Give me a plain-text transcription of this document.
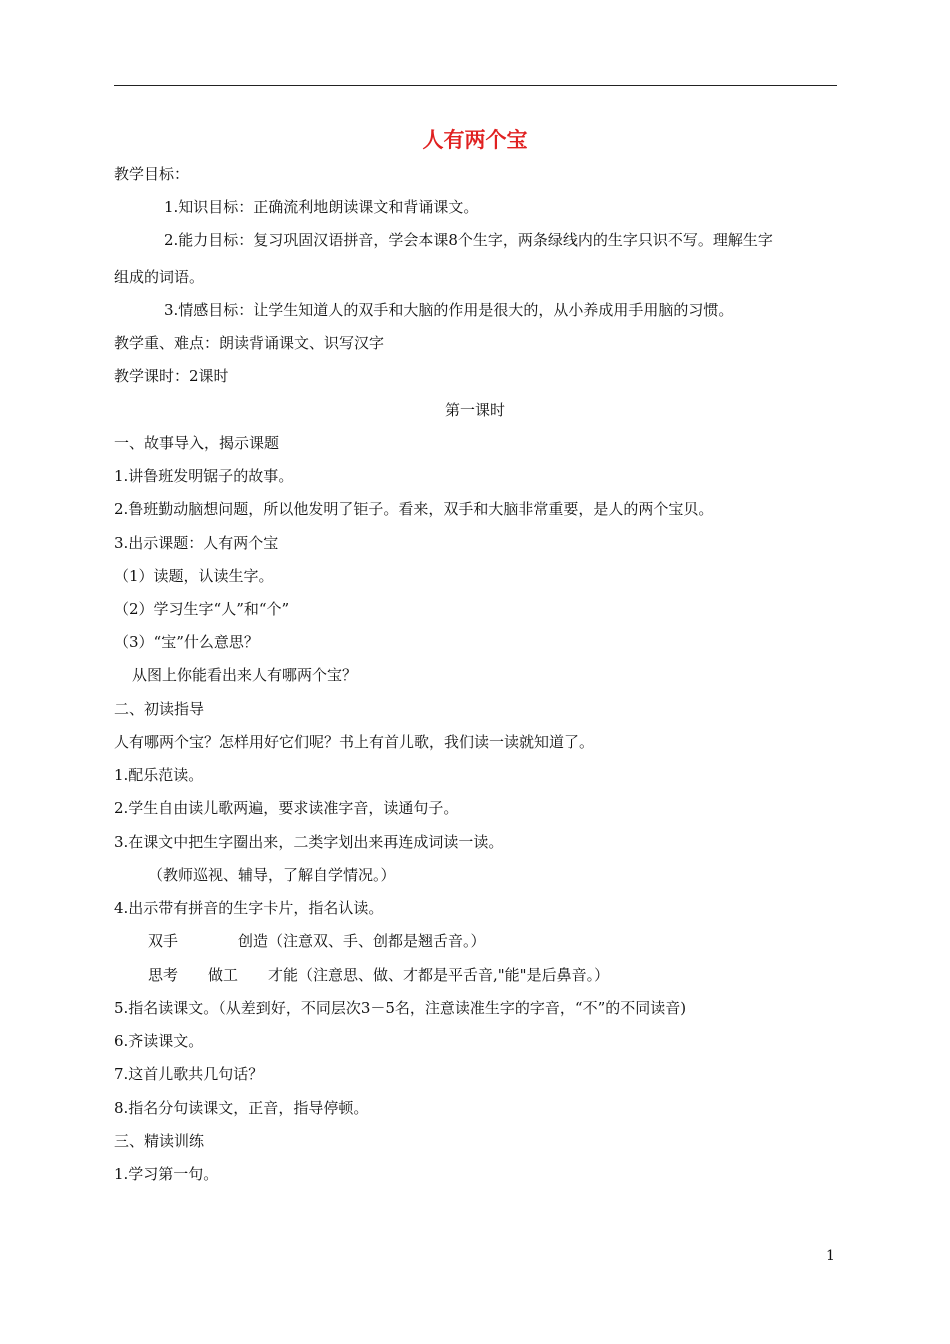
人有两个宝
教学目标：
1.知识目标：正确流利地朗读课文和背诵课文。
2.能力目标：复习巩固汉语拼音，学会本课8个生字，两条绿线内的生字只识不写。理解生字
组成的词语。
3.情感目标：让学生知道人的双手和大脑的作用是很大的，从小养成用手用脑的习惯。
教学重、难点：朗读背诵课文、识写汉字
教学课时：2课时
第一课时
一、故事导入，揭示课题
1.讲鲁班发明锯子的故事。
2.鲁班勤动脑想问题，所以他发明了钜子。看来，双手和大脑非常重要，是人的两个宝贝。
3.出示课题：人有两个宝
（1）读题，认读生字。
（2）学习生字“人”和“个”
（3）“宝”什么意思？
从图上你能看出来人有哪两个宝？
二、初读指导
人有哪两个宝？怎样用好它们呢？书上有首儿歌，我们读一读就知道了。
1.配乐范读。
2.学生自由读儿歌两遍，要求读准字音，读通句子。
3.在课文中把生字圈出来，二类字划出来再连成词读一读。
（教师巡视、辅导，了解自学情况。）
4.出示带有拼音的生字卡片，指名认读。
双手　　　　创造（注意双、手、创都是翘舌音。）
思考　　做工　　才能（注意思、做、才都是平舌音,"能"是后鼻音。）
5.指名读课文。（从差到好，不同层次3－5名，注意读准生字的字音，“不”的不同读音)
6.齐读课文。
7.这首儿歌共几句话？
8.指名分句读课文，正音，指导停顿。
三、精读训练
1.学习第一句。
1
